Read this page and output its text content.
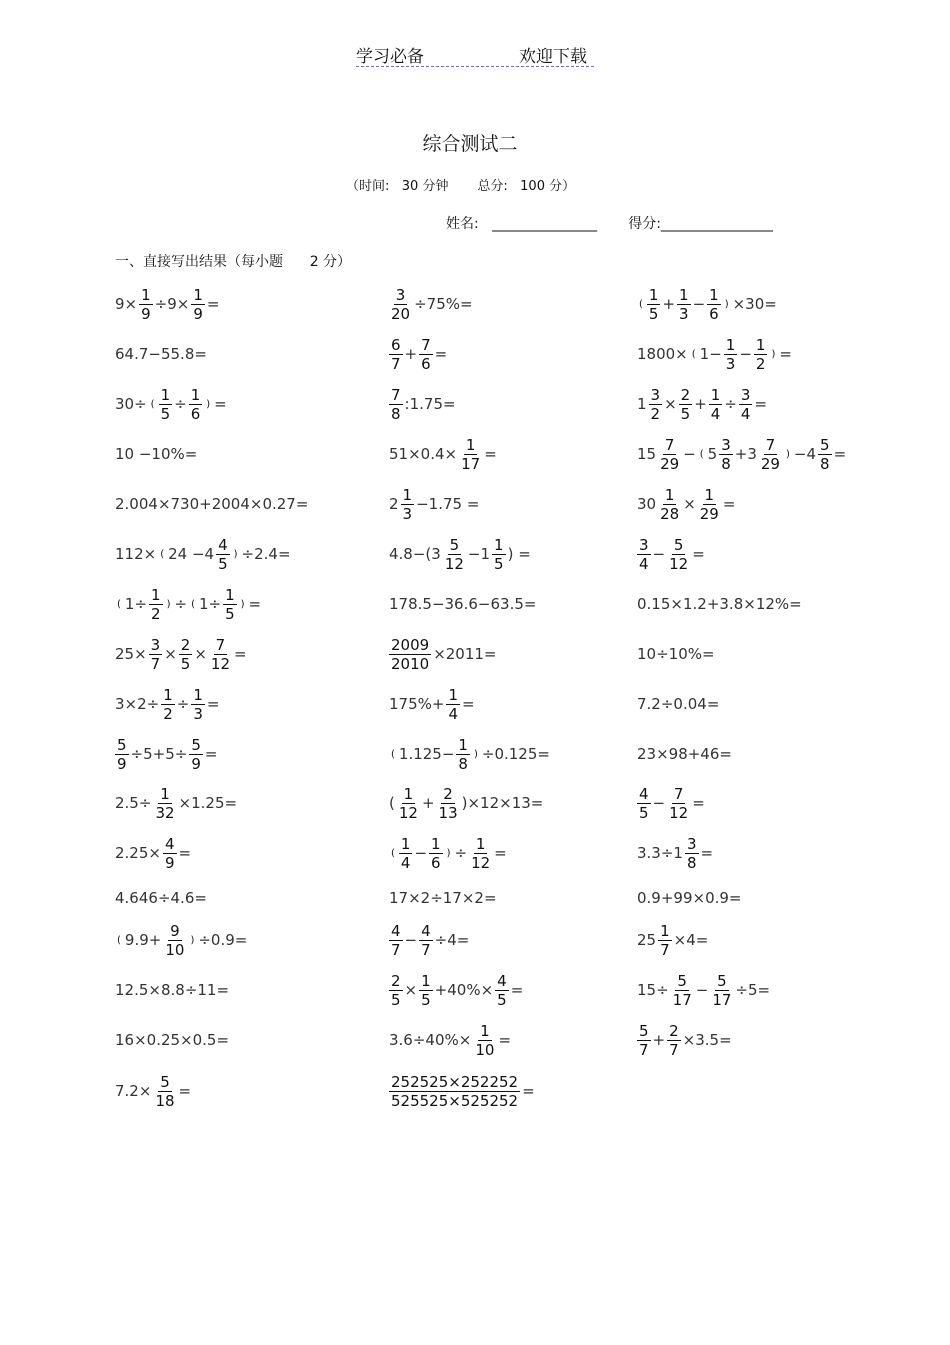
学习必备	欢迎下载
综合测试二
（时间:   30 分钟       总分:   100 分）
姓名:   _______________       得分:________________
一、直接写出结果（每小题      2 分）
$9\times \frac{1}{9} \div 9\times \frac{1}{9}$ =
64.7−55.8=
30÷ ( $\frac{1}{5} \div \frac{1}{6}$ ) =
10 −10%=
2.004×730+2004×0.27=
112× ( $24 -4 \frac{4}{5}$ ) ÷2.4=
( $1\div \frac{1}{2}$ ) ÷ ( $1\div \frac{1}{5}$ ) =
$25\times \frac{3}{7} \times \frac{2}{5} \times \frac{7}{12}$ =
$3\times 2\div \frac{1}{2} \div \frac{1}{3}$ =
$\frac{5}{9} \div 5+5\div \frac{5}{9}$ =
$2.5\div \frac{1}{32} \times 1.25=$
$2.25\times \frac{4}{9}$ =
4.646÷4.6=
( $9.9+ \frac{9}{10}$ ) ÷0.9=
12.5×8.8÷11=
16×0.25×0.5=
$7.2\times \frac{5}{18}$ =
$\frac{3}{20} \div 75\%=$
$\frac{6}{7} + \frac{7}{6}$ =
$\frac{7}{8}$ :1.75=
$51\times 0.4\times \frac{1}{17}$ =
$2 \frac{1}{3} -1.75$ =
$4.8-(3 \frac{5}{12} -1 \frac{1}{5}$ ) =
178.5−36.6−63.5=
$\frac{2009}{2010} \times 2011=$
$175\%+ \frac{1}{4}$ =
( $1.125- \frac{1}{8}$ ) ÷0.125=
( $\frac{1}{12} + \frac{2}{13} )\times 12\times 13=$
( $\frac{1}{4} - \frac{1}{6}$ ) ÷ $\frac{1}{12}$ =
17×2÷17×2=
$\frac{4}{7} - \frac{4}{7} \div 4=$
$\frac{2}{5} \times \frac{1}{5} +40\%\times \frac{4}{5}$ =
$3.6\div 40\%\times \frac{1}{10}$ =
$\frac{252525\times 252252}{525525\times 525252}$ =
( $\frac{1}{5} + \frac{1}{3} - \frac{1}{6}$ ) ×30=
1800× ( $1- \frac{1}{3} - \frac{1}{2}$ ) =
$1 \frac{3}{2} \times \frac{2}{5} + \frac{1}{4} \div \frac{3}{4}$ =
$15 \frac{7}{29}$ − ( $5 \frac{3}{8} +3 \frac{7}{29}$ ) $-4 \frac{5}{8}$ =
$30 \frac{1}{28} \times \frac{1}{29}$ =
$\frac{3}{4} - \frac{5}{12}$ =
0.15×1.2+3.8×12%=
10÷10%=
7.2÷0.04=
23×98+46=
$\frac{4}{5} - \frac{7}{12}$ =
$3.3\div 1 \frac{3}{8}$ =
0.9+99×0.9=
$25 \frac{1}{7} \times 4=$
$15\div \frac{5}{17} - \frac{5}{17} \div 5=$
$\frac{5}{7} + \frac{2}{7} \times 3.5=$
